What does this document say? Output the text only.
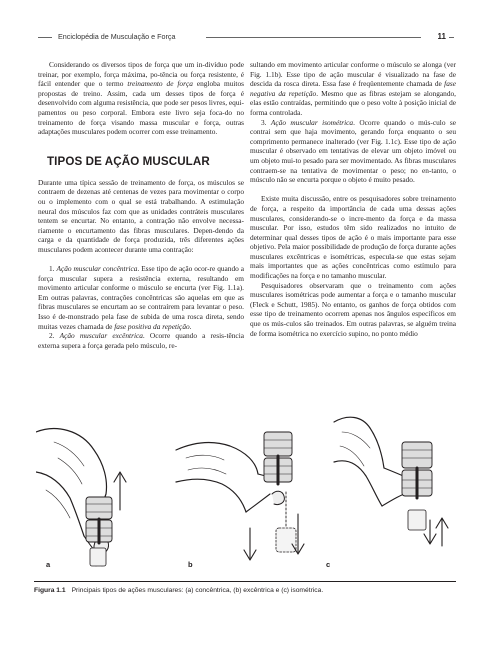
Enciclopédia de Musculação e Força	11

Considerando os diversos tipos de força que um in-divíduo pode treinar, por exemplo, força máxima, po-tência ou força resistente, é fácil entender que o termo treinamento de força engloba muitos propostas de treino. Assim, cada um desses tipos de força é desenvolvido com alguma resistência, que pode ser pesos livres, equi-pamentos ou peso corporal. Embora este livro seja foca-do no treinamento de força visando massa muscular e força, outras adaptações musculares podem ocorrer com esse treinamento.

TIPOS DE AÇÃO MUSCULAR

Durante uma típica sessão de treinamento de força, os músculos se contraem de dezenas até centenas de vezes para movimentar o corpo ou o implemento com o qual se está trabalhando. A estimulação neural dos músculos faz com que as unidades contráteis musculares tentem se encurtar. No entanto, a contração não envolve necessa-riamente o encurtamento das fibras musculares. Depen-dendo da carga e da quantidade de força produzida, três diferentes ações musculares podem acontecer durante uma contração:

1. Ação muscular concêntrica. Esse tipo de ação ocor-re quando a força muscular supera a resistência externa, resultando em movimento articular conforme o músculo se encurta (ver Fig. 1.1a). Em outras palavras, contrações concêntricas são aquelas em que as fibras musculares se encurtam ao se contraírem para levantar o peso. Isso é de-monstrado pela fase de subida de uma rosca direta, sendo muitas vezes chamada de fase positiva da repetição.

2. Ação muscular excêntrica. Ocorre quando a resis-tência externa supera a força gerada pelo músculo, re-

sultando em movimento articular conforme o músculo se alonga (ver Fig. 1.1b). Esse tipo de ação muscular é visualizado na fase de descida da rosca direta. Essa fase é freqüentemente chamada de fase negativa da repetição. Mesmo que as fibras estejam se alongando, elas estão contraídas, permitindo que o peso volte à posição inicial de forma controlada.

3. Ação muscular isométrica. Ocorre quando o mús-culo se contrai sem que haja movimento, gerando força enquanto o seu comprimento permanece inalterado (ver Fig. 1.1c). Esse tipo de ação muscular é observado em tentativas de elevar um objeto imóvel ou um objeto mui-to pesado para ser movimentado. As fibras musculares contraem-se na tentativa de movimentar o peso; no en-tanto, o músculo não se encurta porque o objeto é muito pesado.

Existe muita discussão, entre os pesquisadores sobre treinamento de força, a respeito da importância de cada uma dessas ações musculares, considerando-se o incre-mento da força e da massa muscular. Por isso, estudos têm sido realizados no intuito de determinar qual desses tipos de ação é o mais importante para esse objetivo. Pela maior possibilidade de produção de força durante ações musculares excêntricas e isométricas, especula-se que estas sejam mais importantes que as ações concêntricas como estímulo para modificações na força e no tamanho muscular.

Pesquisadores observaram que o treinamento com ações musculares isométricas pode aumentar a força e o tamanho muscular (Fleck e Schutt, 1985). No entanto, os ganhos de força obtidos com esse tipo de treinamento ocorrem apenas nos ângulos específicos em que os mús-culos são treinados. Em outras palavras, se alguém treina de forma isométrica no exercício supino, no ponto médio

a	b	c
Figura 1.1 Principais tipos de ações musculares: (a) concêntrica, (b) excêntrica e (c) isométrica.
